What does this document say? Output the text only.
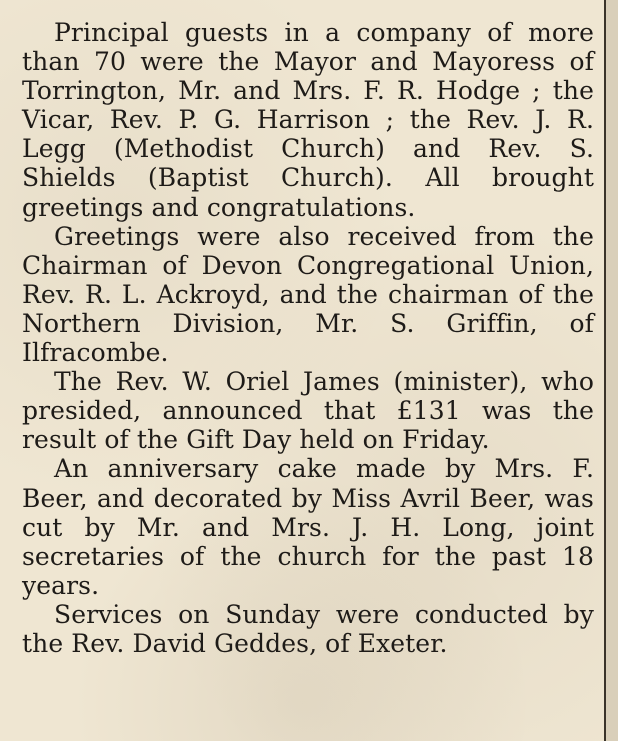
Principal guests in a company of more than 70 were the Mayor and Mayoress of Torrington, Mr. and Mrs. F. R. Hodge ; the Vicar, Rev. P. G. Harrison ; the Rev. J. R. Legg (Methodist Church) and Rev. S. Shields (Baptist Church). All brought greetings and congratulations.

Greetings were also received from the Chairman of Devon Congregational Union, Rev. R. L. Ackroyd, and the chairman of the Northern Division, Mr. S. Griffin, of Ilfracombe.

The Rev. W. Oriel James (minister), who presided, announced that £131 was the result of the Gift Day held on Friday.

An anniversary cake made by Mrs. F. Beer, and decorated by Miss Avril Beer, was cut by Mr. and Mrs. J. H. Long, joint secretaries of the church for the past 18 years.

Services on Sunday were conducted by the Rev. David Geddes, of Exeter.
